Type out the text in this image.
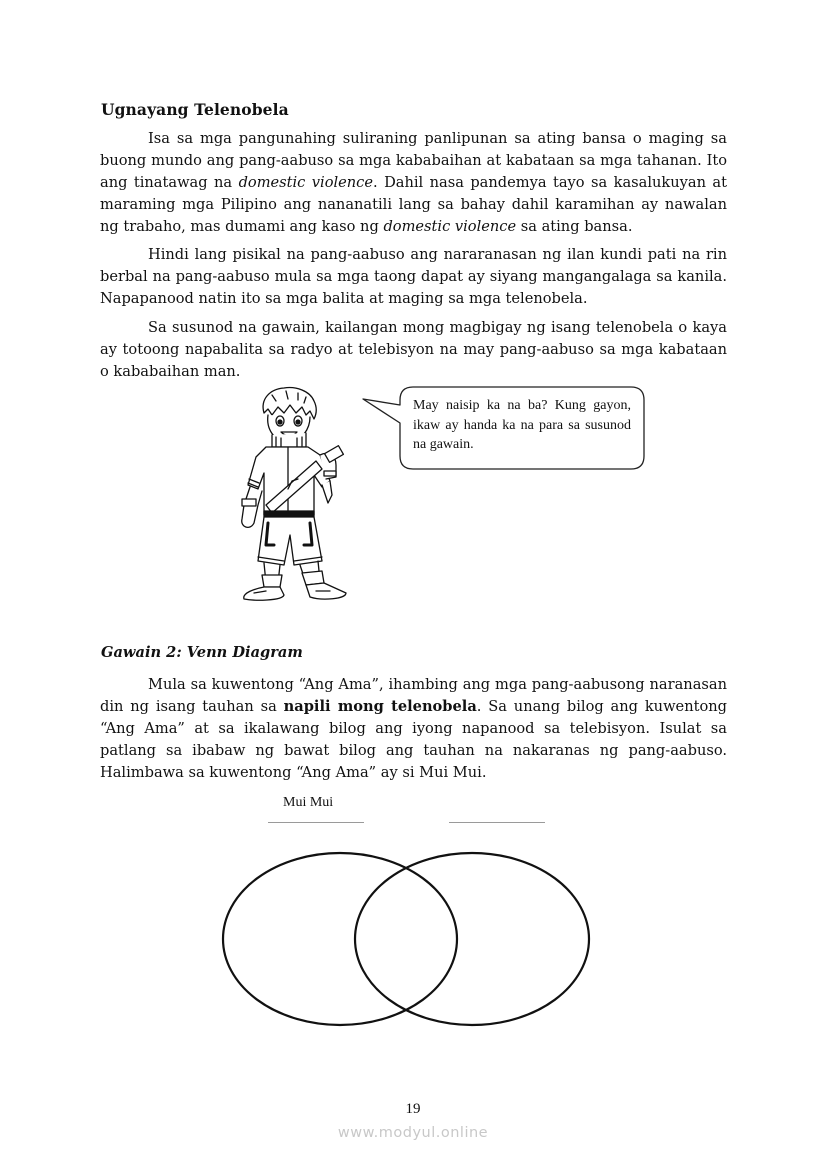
Ugnayang Telenobela
Isa sa mga pangunahing suliraning panlipunan sa ating bansa o maging sa buong mundo ang pang-aabuso sa mga kababaihan at kabataan sa mga tahanan. Ito ang tinatawag na domestic violence. Dahil nasa pandemya tayo sa kasalukuyan at maraming mga Pilipino ang nananatili lang sa bahay dahil karamihan ay nawalan ng trabaho, mas dumami ang kaso ng domestic violence sa ating bansa.
Hindi lang pisikal na pang-aabuso ang nararanasan ng ilan kundi pati na rin berbal na pang-aabuso mula sa mga taong dapat ay siyang mangangalaga sa kanila. Napapanood natin ito sa mga balita at maging sa mga telenobela.
Sa susunod na gawain, kailangan mong magbigay ng isang telenobela o kaya ay totoong napabalita sa radyo at telebisyon na may pang-aabuso sa mga kabataan o kababaihan man.
May naisip ka na ba? Kung gayon, ikaw ay handa ka na para sa susunod na gawain.
Gawain 2: Venn Diagram
Mula sa kuwentong “Ang Ama”, ihambing ang mga pang-aabusong naranasan din ng isang tauhan sa napili mong telenobela. Sa unang bilog ang kuwentong “Ang Ama” at sa ikalawang bilog ang iyong napanood sa telebisyon. Isulat sa patlang sa ibabaw ng bawat bilog ang tauhan na nakaranas ng pang-aabuso. Halimbawa sa kuwentong “Ang Ama” ay si Mui Mui.
Mui Mui
19
www.modyul.online
